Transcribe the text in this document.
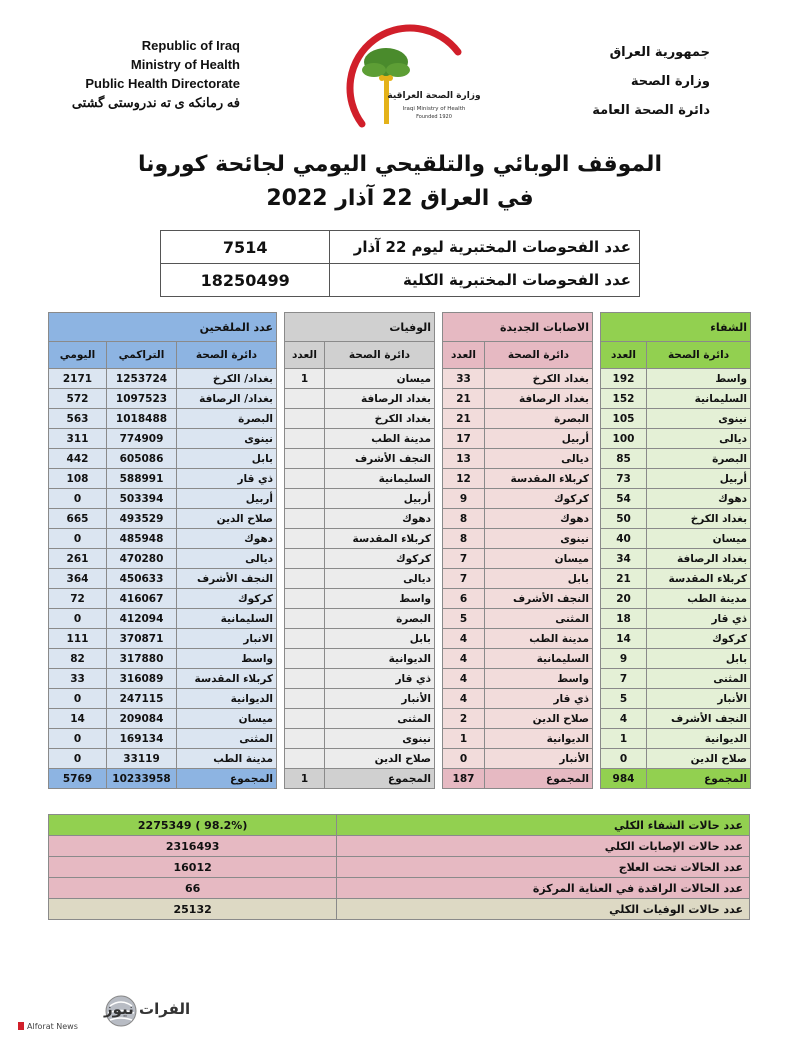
Republic of Iraq
Ministry of Health
Public Health Directorate
فه رمانكه ى ته ندروستى گشتى	وزارة الصحة العراقية
Iraqi Ministry of Health
Founded 1920
جمهورية العراق
وزارة الصحة
دائرة الصحة العامة
الموقف الوبائي والتلقيحي اليومي لجائحة كورونا
في العراق 22 آذار 2022
7514	عدد الفحوصات المختبرية ليوم 22 آذار
18250499	عدد الفحوصات المختبرية الكلية
عدد الملقحين				الوفيات			الاصابات الجديدة			الشفاء	
اليومي	التراكمي	دائرة الصحة		العدد	دائرة الصحة		العدد	دائرة الصحة		العدد	دائرة الصحة
2171	1253724	بغداد/ الكرخ		1	ميسان		33	بغداد الكرخ		192	واسط
572	1097523	بغداد/ الرصافة			بغداد الرصافة		21	بغداد الرصافة		152	السليمانية
563	1018488	البصرة			بغداد الكرخ		21	البصرة		105	نينوى
311	774909	نينوى			مدينة الطب		17	أربيل		100	ديالى
442	605086	بابل			النجف الأشرف		13	ديالى		85	البصرة
108	588991	ذي قار			السليمانية		12	كربلاء المقدسة		73	أربيل
0	503394	أربيل			أربيل		9	كركوك		54	دهوك
665	493529	صلاح الدين			دهوك		8	دهوك		50	بغداد الكرخ
0	485948	دهوك			كربلاء المقدسة		8	نينوى		40	ميسان
261	470280	ديالى			كركوك		7	ميسان		34	بغداد الرصافة
364	450633	النجف الأشرف			ديالى		7	بابل		21	كربلاء المقدسة
72	416067	كركوك			واسط		6	النجف الأشرف		20	مدينة الطب
0	412094	السليمانية			البصرة		5	المثنى		18	ذي قار
111	370871	الانبار			بابل		4	مدينة الطب		14	كركوك
82	317880	واسط			الديوانية		4	السليمانية		9	بابل
33	316089	كربلاء المقدسة			ذي قار		4	واسط		7	المثنى
0	247115	الديوانية			الأنبار		4	ذي قار		5	الأنبار
14	209084	ميسان			المثنى		2	صلاح الدين		4	النجف الأشرف
0	169134	المثنى			نينوى		1	الديوانية		1	الديوانية
0	33119	مدينة الطب			صلاح الدين		0	الأنبار		0	صلاح الدين
5769	10233958	المجموع		1	المجموع		187	المجموع		984	المجموع
2275349 ( 98.2%)	عدد حالات الشفاء الكلي
2316493	عدد حالات الإصابات الكلي
16012	عدد الحالات تحت العلاج
66	عدد الحالات الراقدة في العناية المركزة
25132	عدد حالات الوفيات الكلي
الفرات نيوز
Alforat News
